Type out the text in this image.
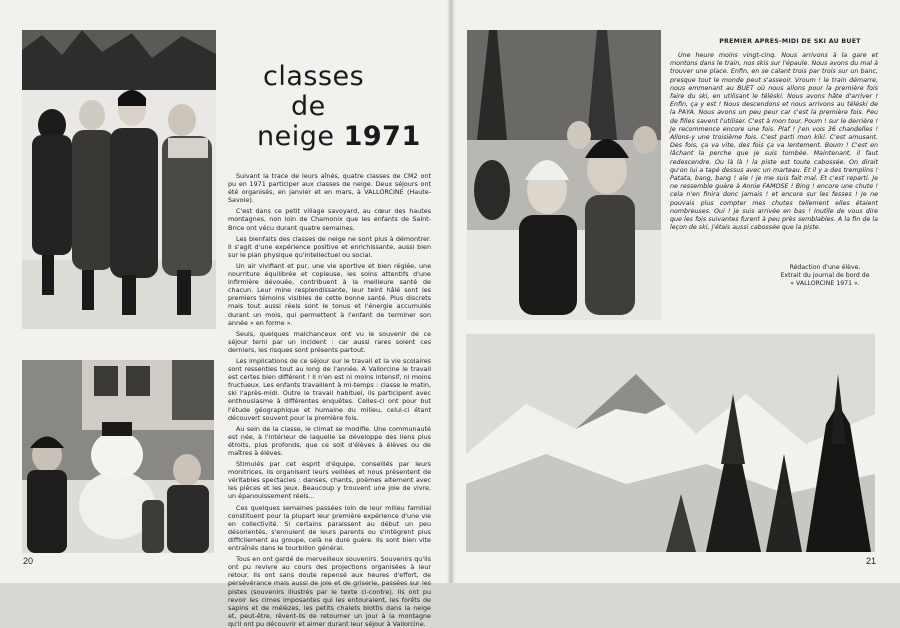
classes
de
neige 1971

Suivant la trace de leurs aînés, quatre classes de CM2 ont pu en 1971 participer aux classes de neige. Deux séjours ont été organisés, en janvier et en mars, à VALLORCINE (Haute-Savoie).

C'est dans ce petit village savoyard, au cœur des hautes montagnes, non loin de Chamonix que les enfants de Saint-Brice ont vécu durant quatre semaines.

Les bienfaits des classes de neige ne sont plus à démontrer. Il s'agit d'une expérience positive et enrichissante, aussi bien sur le plan physique qu'intellectuel ou social.

Un air vivifiant et pur, une vie sportive et bien réglée, une nourriture équilibrée et copieuse, les soins attentifs d'une infirmière dévouée, contribuent à la meilleure santé de chacun. Leur mine resplendissante, leur teint hâlé sont les premiers témoins visibles de cette bonne santé. Plus discrets mais tout aussi réels sont le tonus et l'énergie accumulés durant un mois, qui permettent à l'enfant de terminer son année « en forme ».

Seuls, quelques malchanceux ont vu le souvenir de ce séjour terni par un incident : car aussi rares soient ces derniers, les risques sont présents partout.

Les implications de ce séjour sur le travail et la vie scolaires sont ressenties tout au long de l'année. A Vallorcine le travail est certes bien différent ! Il n'en est ni moins intensif, ni moins fructueux. Les enfants travaillent à mi-temps : classe le matin, ski l'après-midi. Outre le travail habituel, ils participent avec enthousiasme à différentes enquêtes. Celles-ci ont pour but l'étude géographique et humaine du milieu, celui-ci étant découvert souvent pour la première fois.

Au sein de la classe, le climat se modifie. Une communauté est née, à l'intérieur de laquelle se développe des liens plus étroits, plus profonds, que ce soit d'élèves à élèves ou de maîtres à élèves.

Stimulés par cet esprit d'équipe, conseillés par leurs monitrices, ils organisent leurs veillées et nous présentent de véritables spectacles : danses, chants, poèmes alternent avec les pièces et les jeux. Beaucoup y trouvent une joie de vivre, un épanouissement réels...

Ces quelques semaines passées loin de leur milieu familial constituent pour la plupart leur première expérience d'une vie en collectivité. Si certains paraissent au début un peu désorientés, s'ennuient de leurs parents ou s'intègrent plus difficilement au groupe, celà ne dure guère. Ils sont bien vite entraînés dans le tourbillon général.

Tous en ont gardé de merveilleux souvenirs. Souvenirs qu'ils ont pu revivre au cours des projections organisées à leur retour. Ils ont sans doute repensé aux heures d'effort, de persévérance mais aussi de joie et de griserie, passées sur les pistes (souvenirs illustrés par le texte ci-contre). Ils ont pu revoir les cimes imposantes qui les entouraient, les forêts de sapins et de mélèzes, les petits chalets blottis dans la neige et, peut-être, rêvent-ils de retourner un jour à la montagne qu'il ont pu découvrir et aimer durant leur séjour à Vallorcine.

20
PREMIER APRES-MIDI DE SKI AU BUET

Une heure moins vingt-cinq. Nous arrivons à la gare et montons dans le train, nos skis sur l'épaule. Nous avons du mal à trouver une place. Enfin, en se calant trois par trois sur un banc, presque tout le monde peut s'asseoir. Vroum ! le train démarre, nous emmenant au BUET où nous allons pour la première fois faire du ski, en utilisant le téléski. Nous avons hâte d'arriver ! Enfin, ça y est ! Nous descendons et nous arrivons au téléski de la PAYA. Nous avons un peu peur car c'est la première fois. Peu de filles savent l'utiliser. C'est à mon tour. Poum ! sur le derrière ! Je recommence encore une fois. Plaf ! j'en vois 36 chandelles ! Allons-y une troisième fois. C'est parti mon kiki. C'est amusant. Des fois, ça va vite, des fois ça va lentement. Boum ! C'est en lâchant la perche que je suis tombée. Maintenant, il faut redescendre. Ou là là ! la piste est toute cabossée. On dirait qu'on lui a tapé dessus avec un marteau. Et il y a des tremplins ! Patata, bang, bang ! aïe ! je me suis fait mal. Et c'est reparti. Je ne ressemble guère à Annie FAMOSE ! Bing ! encore une chute ! cela n'en finira donc jamais ! et encore sur les fesses ! Je ne pouvais plus compter mes chutes tellement elles étaient nombreuses. Oui ! je suis arrivée en bas ! Inutile de vous dire que les fois suivantes furent à peu près semblables. A la fin de la leçon de ski, j'étais aussi cabossée que la piste.

Rédaction d'une élève.
Extrait du journal de bord de
« VALLORCINE 1971 ».
21
